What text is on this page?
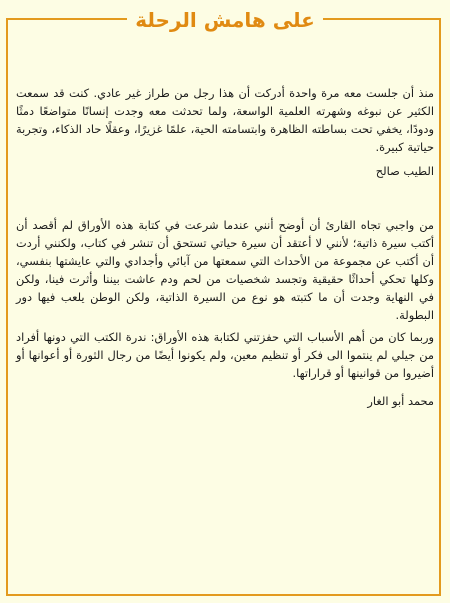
على هامش الرحلة

منذ أن جلست معه مرة واحدة أدركت أن هذا رجل من طراز غير عادي. كنت قد سمعت الكثير عن نبوغه وشهرته العلمية الواسعة، ولما تحدثت معه وجدت إنسانًا متواضعًا دمثًا ودودًا، يخفي تحت بساطته الظاهرة وابتسامته الحية، علمًا غزيرًا، وعقلًا حاد الذكاء، وتجربة حياتية كبيرة.

الطيب صالح

من واجبي تجاه القارئ أن أوضح أنني عندما شرعت في كتابة هذه الأوراق لم أقصد أن أكتب سيرة ذاتية؛ لأنني لا أعتقد أن سيرة حياتي تستحق أن تنشر في كتاب، ولكنني أردت أن أكتب عن مجموعة من الأحداث التي سمعتها من آبائي وأجدادي والتي عايشتها بنفسي، وكلها تحكي أحداثًا حقيقية وتجسد شخصيات من لحم ودم عاشت بيننا وأثرت فينا، ولكن في النهاية وجدت أن ما كتبته هو نوع من السيرة الذاتية، ولكن الوطن يلعب فيها دور البطولة.

وربما كان من أهم الأسباب التي حفزتني لكتابة هذه الأوراق: ندرة الكتب التي دونها أفراد من جيلي لم ينتموا الى فكر أو تنظيم معين، ولم يكونوا أيضًا من رجال الثورة أو أعوانها أو أضيروا من قوانينها أو قراراتها.

محمد أبو الغار
